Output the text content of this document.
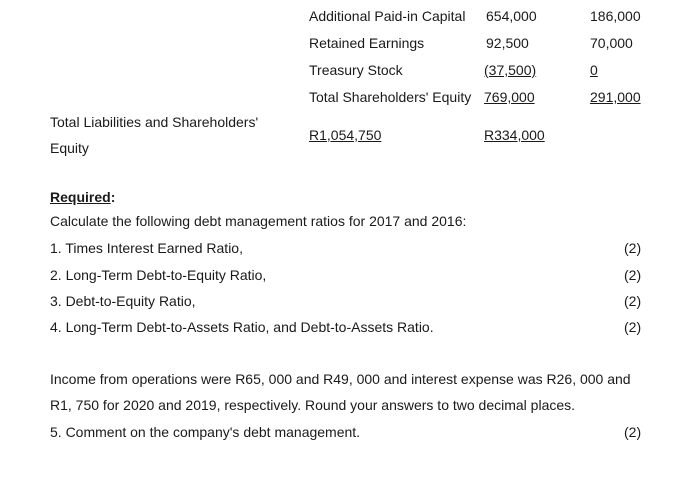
Additional Paid-in Capital 654,000	186,000
Retained Earnings	92,500	70,000
Treasury Stock	(37,500)	0
Total Shareholders' Equity 769,000	291,000
Total Liabilities and Shareholders'
Equity
R1,054,750	R334,000
Required:
Calculate the following debt management ratios for 2017 and 2016:
1. Times Interest Earned Ratio,	(2)
2. Long-Term Debt-to-Equity Ratio,	(2)
3. Debt-to-Equity Ratio,	(2)
4. Long-Term Debt-to-Assets Ratio, and Debt-to-Assets Ratio.	(2)
Income from operations were R65, 000 and R49, 000 and interest expense was R26, 000 and
R1, 750 for 2020 and 2019, respectively. Round your answers to two decimal places.
5. Comment on the company's debt management.	(2)
